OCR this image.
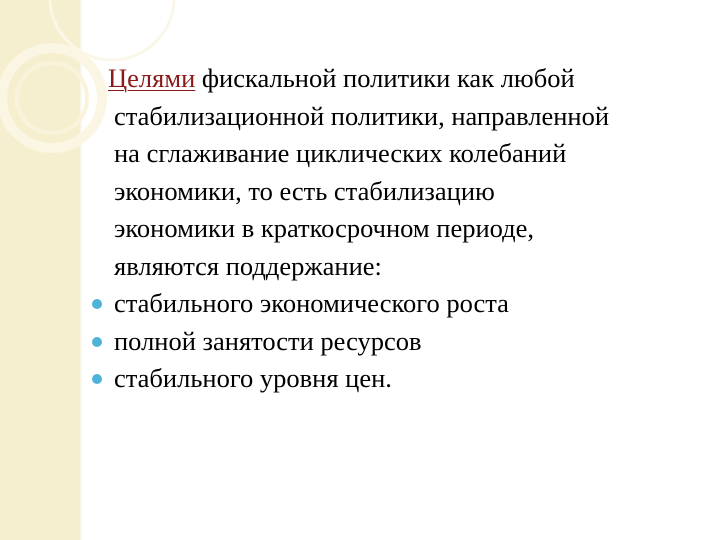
Целями фискальной политики как любой
стабилизационной политики, направленной
на сглаживание циклических колебаний
экономики, то есть стабилизацию
экономики в краткосрочном периоде,
являются поддержание:

стабильного экономического роста
полной занятости ресурсов
стабильного уровня цен.
